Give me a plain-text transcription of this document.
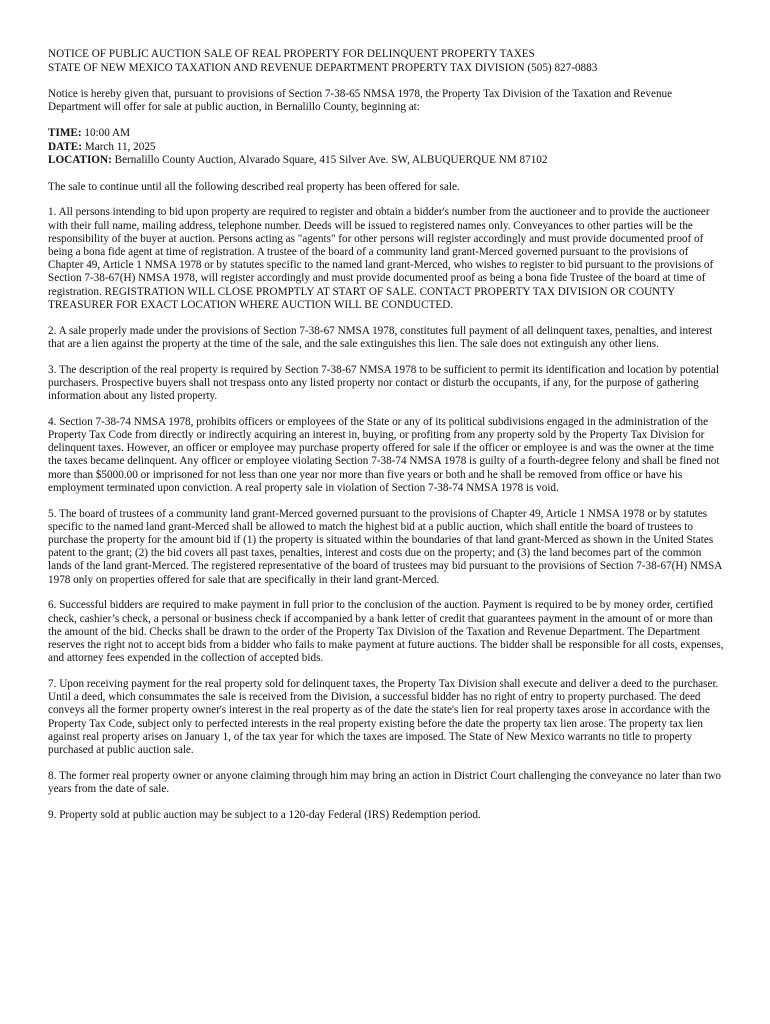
NOTICE OF PUBLIC AUCTION SALE OF REAL PROPERTY FOR DELINQUENT PROPERTY TAXES
STATE OF NEW MEXICO TAXATION AND REVENUE DEPARTMENT PROPERTY TAX DIVISION (505) 827-0883

Notice is hereby given that, pursuant to provisions of Section 7-38-65 NMSA 1978, the Property Tax Division of the Taxation and Revenue Department will offer for sale at public auction, in Bernalillo County, beginning at:

TIME: 10:00 AM
DATE: March 11, 2025
LOCATION: Bernalillo County Auction, Alvarado Square, 415 Silver Ave. SW, ALBUQUERQUE NM 87102

The sale to continue until all the following described real property has been offered for sale.

1. All persons intending to bid upon property are required to register and obtain a bidder's number from the auctioneer and to provide the auctioneer with their full name, mailing address, telephone number. Deeds will be issued to registered names only. Conveyances to other parties will be the responsibility of the buyer at auction. Persons acting as "agents" for other persons will register accordingly and must provide documented proof of being a bona fide agent at time of registration. A trustee of the board of a community land grant-Merced governed pursuant to the provisions of Chapter 49, Article 1 NMSA 1978 or by statutes specific to the named land grant-Merced, who wishes to register to bid pursuant to the provisions of Section 7-38-67(H) NMSA 1978, will register accordingly and must provide documented proof as being a bona fide Trustee of the board at time of registration. REGISTRATION WILL CLOSE PROMPTLY AT START OF SALE. CONTACT PROPERTY TAX DIVISION OR COUNTY TREASURER FOR EXACT LOCATION WHERE AUCTION WILL BE CONDUCTED.

2. A sale properly made under the provisions of Section 7-38-67 NMSA 1978, constitutes full payment of all delinquent taxes, penalties, and interest that are a lien against the property at the time of the sale, and the sale extinguishes this lien. The sale does not extinguish any other liens.

3. The description of the real property is required by Section 7-38-67 NMSA 1978 to be sufficient to permit its identification and location by potential purchasers. Prospective buyers shall not trespass onto any listed property nor contact or disturb the occupants, if any, for the purpose of gathering information about any listed property.

4. Section 7-38-74 NMSA 1978, prohibits officers or employees of the State or any of its political subdivisions engaged in the administration of the Property Tax Code from directly or indirectly acquiring an interest in, buying, or profiting from any property sold by the Property Tax Division for delinquent taxes. However, an officer or employee may purchase property offered for sale if the officer or employee is and was the owner at the time the taxes became delinquent. Any officer or employee violating Section 7-38-74 NMSA 1978 is guilty of a fourth-degree felony and shall be fined not more than $5000.00 or imprisoned for not less than one year nor more than five years or both and he shall be removed from office or have his employment terminated upon conviction. A real property sale in violation of Section 7-38-74 NMSA 1978 is void.

5. The board of trustees of a community land grant-Merced governed pursuant to the provisions of Chapter 49, Article 1 NMSA 1978 or by statutes specific to the named land grant-Merced shall be allowed to match the highest bid at a public auction, which shall entitle the board of trustees to purchase the property for the amount bid if (1) the property is situated within the boundaries of that land grant-Merced as shown in the United States patent to the grant; (2) the bid covers all past taxes, penalties, interest and costs due on the property; and (3) the land becomes part of the common lands of the land grant-Merced. The registered representative of the board of trustees may bid pursuant to the provisions of Section 7-38-67(H) NMSA 1978 only on properties offered for sale that are specifically in their land grant-Merced.

6. Successful bidders are required to make payment in full prior to the conclusion of the auction. Payment is required to be by money order, certified check, cashier’s check, a personal or business check if accompanied by a bank letter of credit that guarantees payment in the amount of or more than the amount of the bid. Checks shall be drawn to the order of the Property Tax Division of the Taxation and Revenue Department. The Department reserves the right not to accept bids from a bidder who fails to make payment at future auctions. The bidder shall be responsible for all costs, expenses, and attorney fees expended in the collection of accepted bids.

7. Upon receiving payment for the real property sold for delinquent taxes, the Property Tax Division shall execute and deliver a deed to the purchaser. Until a deed, which consummates the sale is received from the Division, a successful bidder has no right of entry to property purchased. The deed conveys all the former property owner's interest in the real property as of the date the state's lien for real property taxes arose in accordance with the Property Tax Code, subject only to perfected interests in the real property existing before the date the property tax lien arose. The property tax lien against real property arises on January 1, of the tax year for which the taxes are imposed. The State of New Mexico warrants no title to property purchased at public auction sale.

8. The former real property owner or anyone claiming through him may bring an action in District Court challenging the conveyance no later than two years from the date of sale.

9. Property sold at public auction may be subject to a 120-day Federal (IRS) Redemption period.
